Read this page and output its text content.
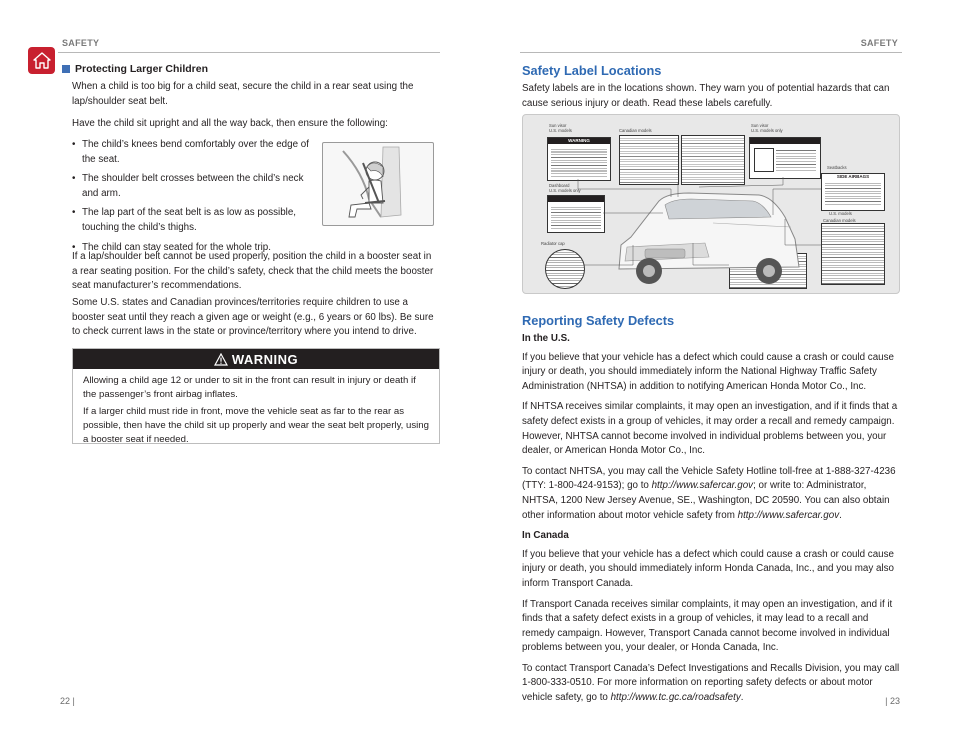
SAFETY
Protecting Larger Children

When a child is too big for a child seat, secure the child in a rear seat using the lap/shoulder seat belt.

Have the child sit upright and all the way back, then ensure the following:

• The child’s knees bend comfortably over the edge of the seat.
• The shoulder belt crosses between the child’s neck and arm.
• The lap part of the seat belt is as low as possible, touching the child’s thighs.
• The child can stay seated for the whole trip.

If a lap/shoulder belt cannot be used properly, position the child in a booster seat in a rear seating position. For the child’s safety, check that the child meets the booster seat manufacturer’s recommendations.

Some U.S. states and Canadian provinces/territories require children to use a booster seat until they reach a given age or weight (e.g., 6 years or 60 lbs). Be sure to check current laws in the state or province/territory where you intend to drive.

WARNING

Allowing a child age 12 or under to sit in the front can result in injury or death if the passenger’s front airbag inflates.

If a larger child must ride in front, move the vehicle seat as far to the rear as possible, then have the child sit up properly and wear the seat belt properly, using a booster seat if needed.

22 |
SAFETY
Safety Label Locations

Safety labels are in the locations shown. They warn you of potential hazards that can cause serious injury or death. Read these labels carefully.

Sun visor
U.S. models	Canadian models
Sun visor
U.S. models only
Seatbacks
Dashboard
U.S. models only
U.S. models
Canadian models
Radiator cap
WARNING
SIDE AIRBAGS
Reporting Safety Defects

In the U.S.

If you believe that your vehicle has a defect which could cause a crash or could cause injury or death, you should immediately inform the National Highway Traffic Safety Administration (NHTSA) in addition to notifying American Honda Motor Co., Inc.

If NHTSA receives similar complaints, it may open an investigation, and if it finds that a safety defect exists in a group of vehicles, it may order a recall and remedy campaign. However, NHTSA cannot become involved in individual problems between you, your dealer, or American Honda Motor Co., Inc.

To contact NHTSA, you may call the Vehicle Safety Hotline toll-free at 1-888-327-4236 (TTY: 1-800-424-9153); go to http://www.safercar.gov; or write to: Administrator, NHTSA, 1200 New Jersey Avenue, SE., Washington, DC 20590. You can also obtain other information about motor vehicle safety from http://www.safercar.gov.

In Canada

If you believe that your vehicle has a defect which could cause a crash or could cause injury or death, you should immediately inform Honda Canada, Inc., and you may also inform Transport Canada.

If Transport Canada receives similar complaints, it may open an investigation, and if it finds that a safety defect exists in a group of vehicles, it may lead to a recall and remedy campaign. However, Transport Canada cannot become involved in individual problems between you, your dealer, or Honda Canada, Inc.

To contact Transport Canada’s Defect Investigations and Recalls Division, you may call 1-800-333-0510. For more information on reporting safety defects or about motor vehicle safety, go to http://www.tc.gc.ca/roadsafety.	| 23
